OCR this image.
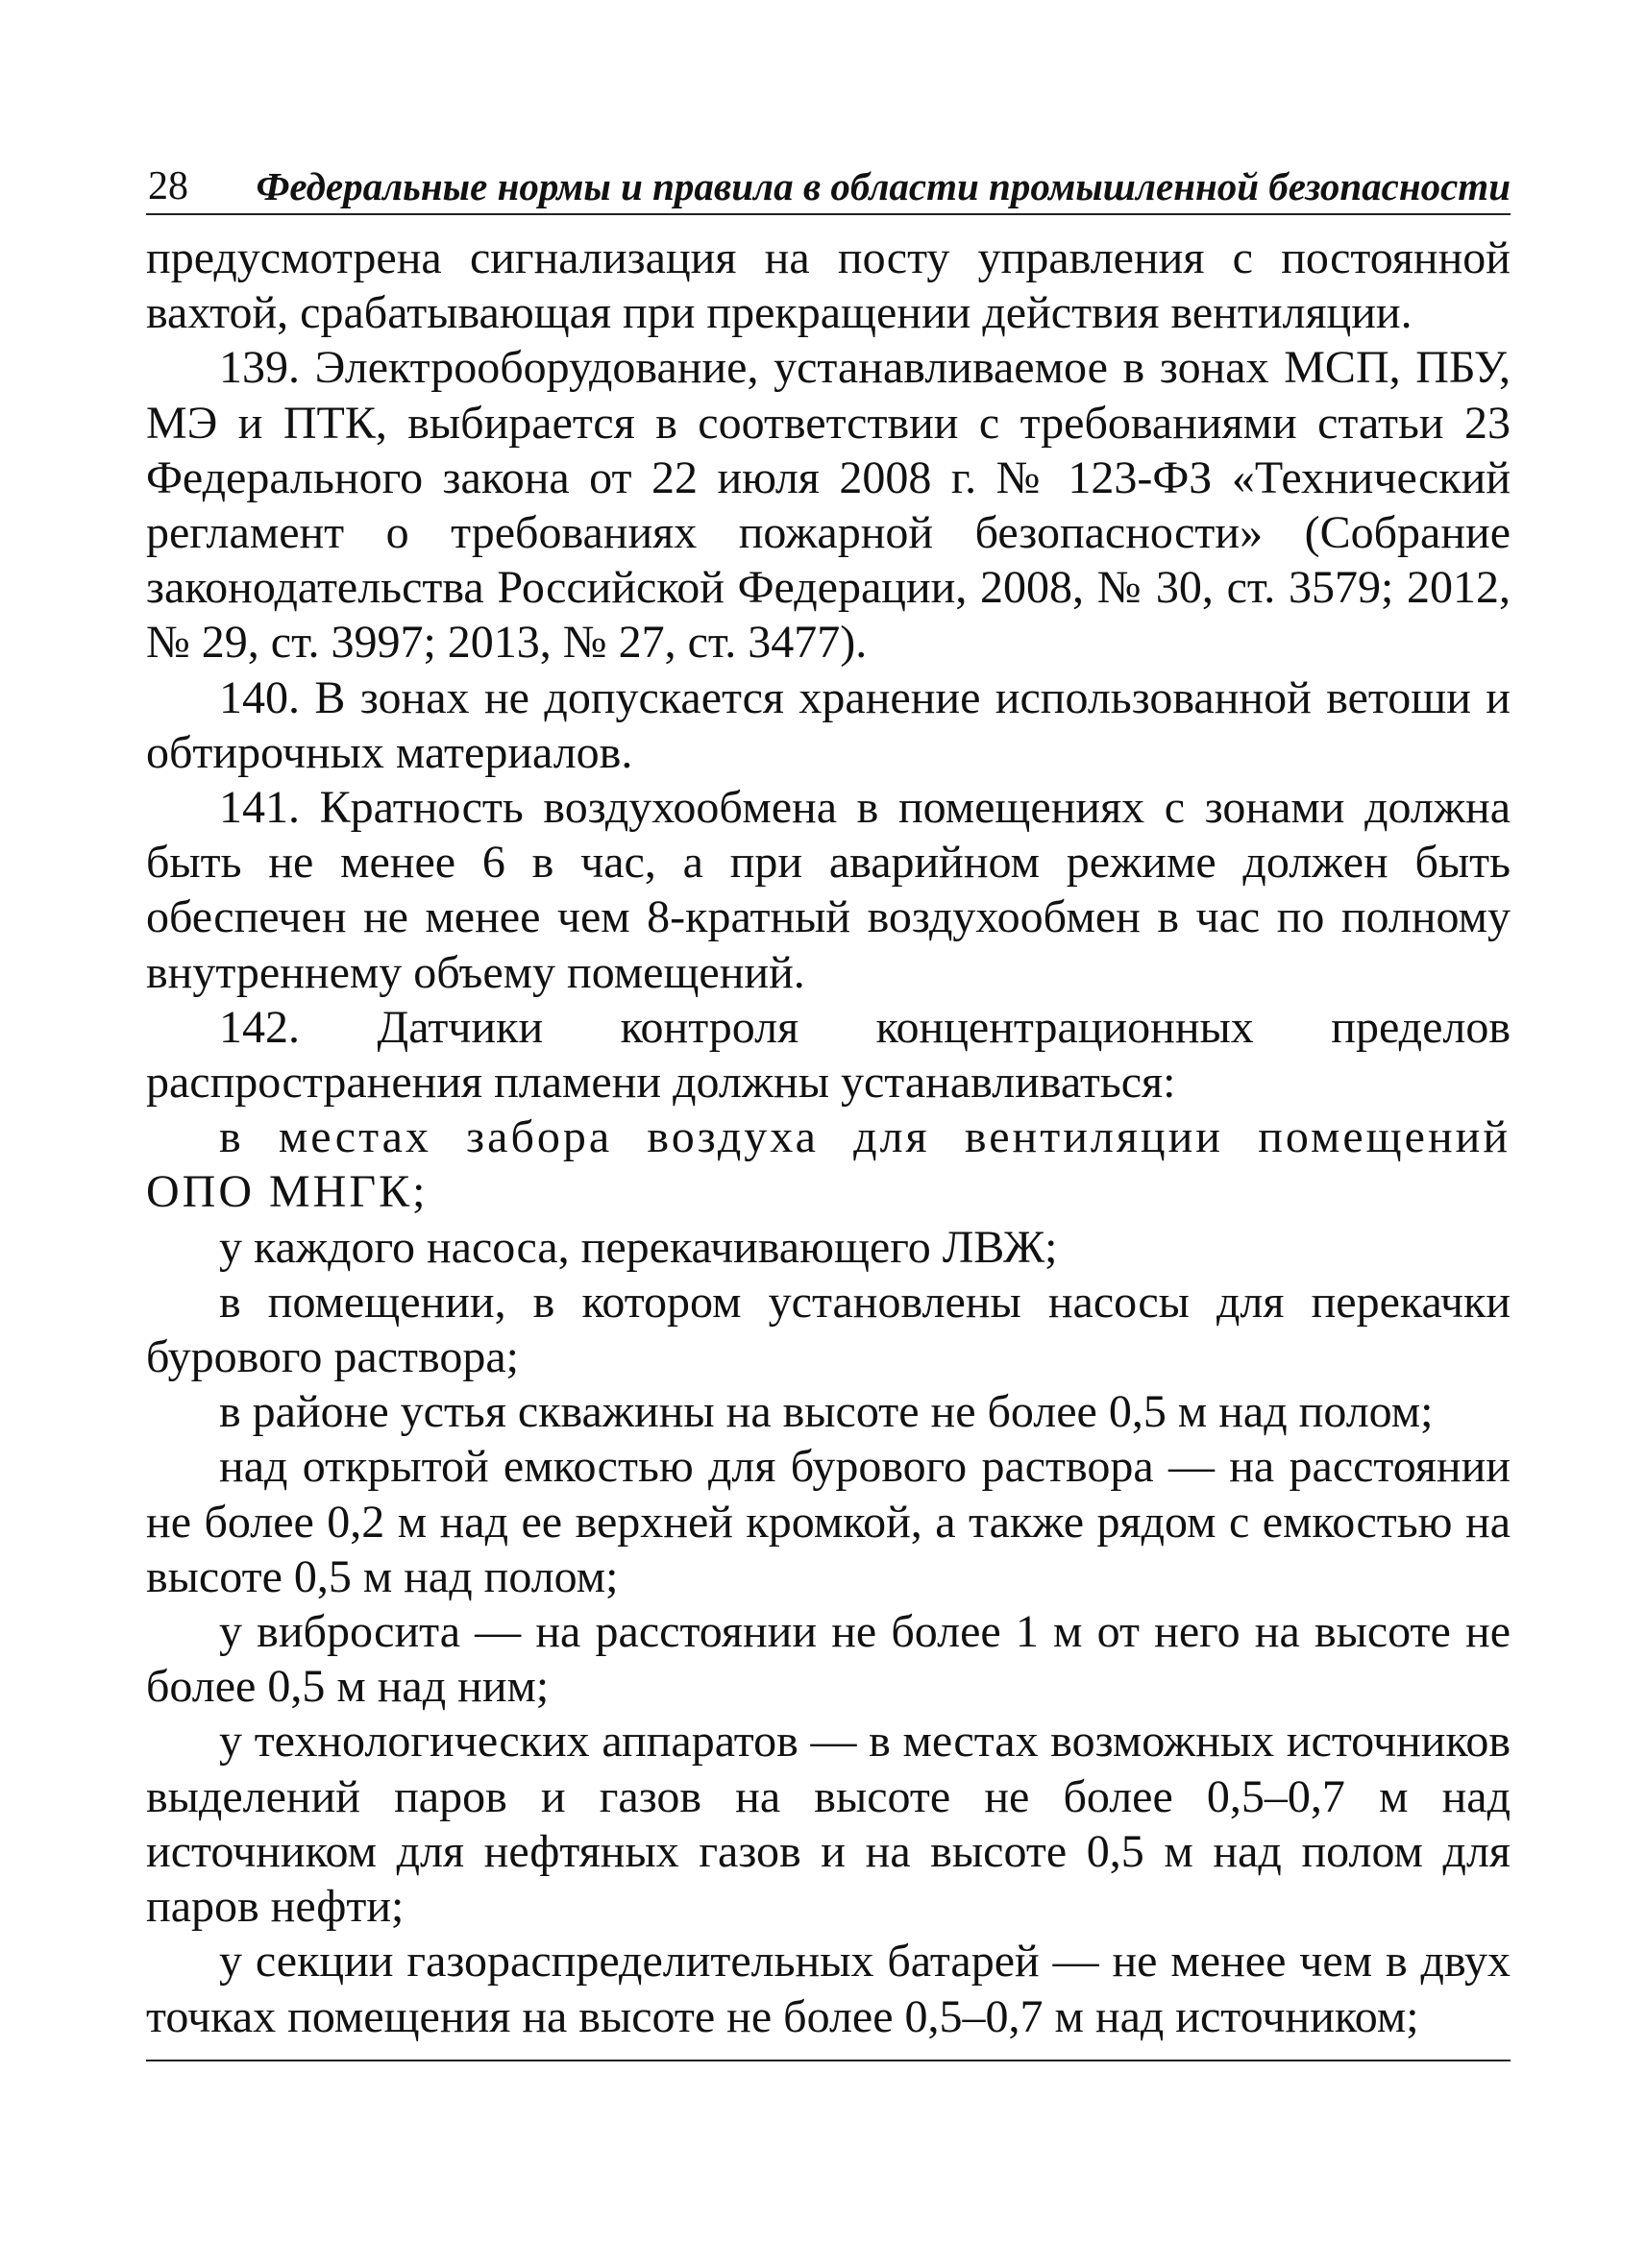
28 Федеральные нормы и правила в области промышленной безопасности

предусмотрена сигнализация на посту управления с постоянной вахтой, срабатывающая при прекращении действия вентиляции.

139. Электрооборудование, устанавливаемое в зонах МСП, ПБУ, МЭ и ПТК, выбирается в соответствии с требованиями статьи 23 Федерального закона от 22 июля 2008 г. № 123-ФЗ «Технический регламент о требованиях пожарной безопасности» (Собрание законодательства Российской Федерации, 2008, № 30, ст. 3579; 2012, № 29, ст. 3997; 2013, № 27, ст. 3477).

140. В зонах не допускается хранение использованной ветоши и обтирочных материалов.

141. Кратность воздухообмена в помещениях с зонами должна быть не менее 6 в час, а при аварийном режиме должен быть обеспечен не менее чем 8-кратный воздухообмен в час по полному внутреннему объему помещений.

142. Датчики контроля концентрационных пределов распространения пламени должны устанавливаться:

в местах забора воздуха для вентиляции помещений ОПО МНГК;

у каждого насоса, перекачивающего ЛВЖ;

в помещении, в котором установлены насосы для перекачки бурового раствора;

в районе устья скважины на высоте не более 0,5 м над полом;

над открытой емкостью для бурового раствора — на расстоянии не более 0,2 м над ее верхней кромкой, а также рядом с емкостью на высоте 0,5 м над полом;

у вибросита — на расстоянии не более 1 м от него на высоте не более 0,5 м над ним;

у технологических аппаратов — в местах возможных источников выделений паров и газов на высоте не более 0,5–0,7 м над источником для нефтяных газов и на высоте 0,5 м над полом для паров нефти;

у секции газораспределительных батарей — не менее чем в двух точках помещения на высоте не более 0,5–0,7 м над источником;
